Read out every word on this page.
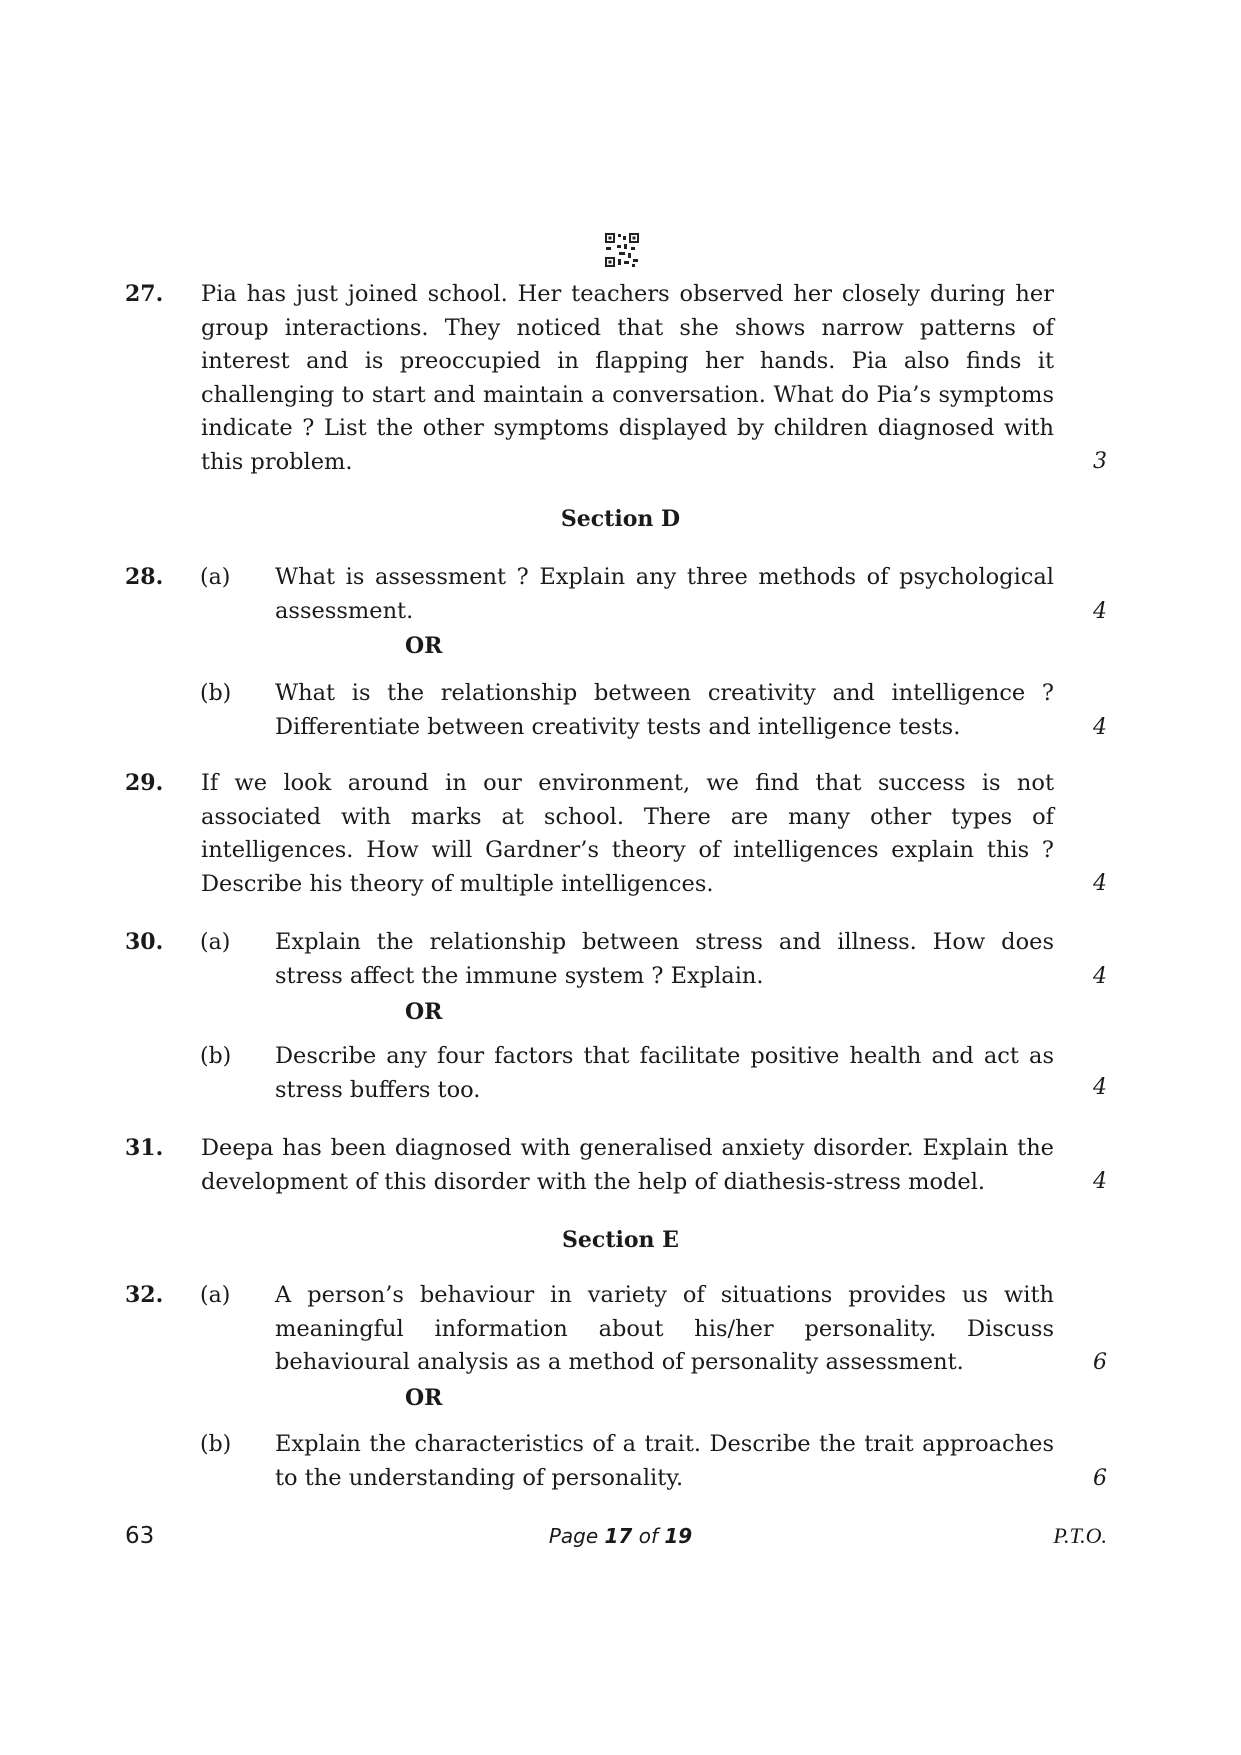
27. Pia has just joined school. Her teachers observed her closely during her group interactions. They noticed that she shows narrow patterns of interest and is preoccupied in flapping her hands. Pia also finds it challenging to start and maintain a conversation. What do Pia’s symptoms indicate ? List the other symptoms displayed by children diagnosed with this problem.	3
Section D
28. (a) What is assessment ? Explain any three methods of psychological assessment.	4
OR
(b) What is the relationship between creativity and intelligence ? Differentiate between creativity tests and intelligence tests.	4
29. If we look around in our environment, we find that success is not associated with marks at school. There are many other types of intelligences. How will Gardner’s theory of intelligences explain this ? Describe his theory of multiple intelligences.	4
30. (a) Explain the relationship between stress and illness. How does stress affect the immune system ? Explain.	4
OR
(b) Describe any four factors that facilitate positive health and act as stress buffers too.	4
31. Deepa has been diagnosed with generalised anxiety disorder. Explain the development of this disorder with the help of diathesis-stress model.	4
Section E
32. (a) A person’s behaviour in variety of situations provides us with meaningful information about his/her personality. Discuss behavioural analysis as a method of personality assessment.	6
OR
(b) Explain the characteristics of a trait. Describe the trait approaches to the understanding of personality.	6
63	Page 17 of 19	P.T.O.
